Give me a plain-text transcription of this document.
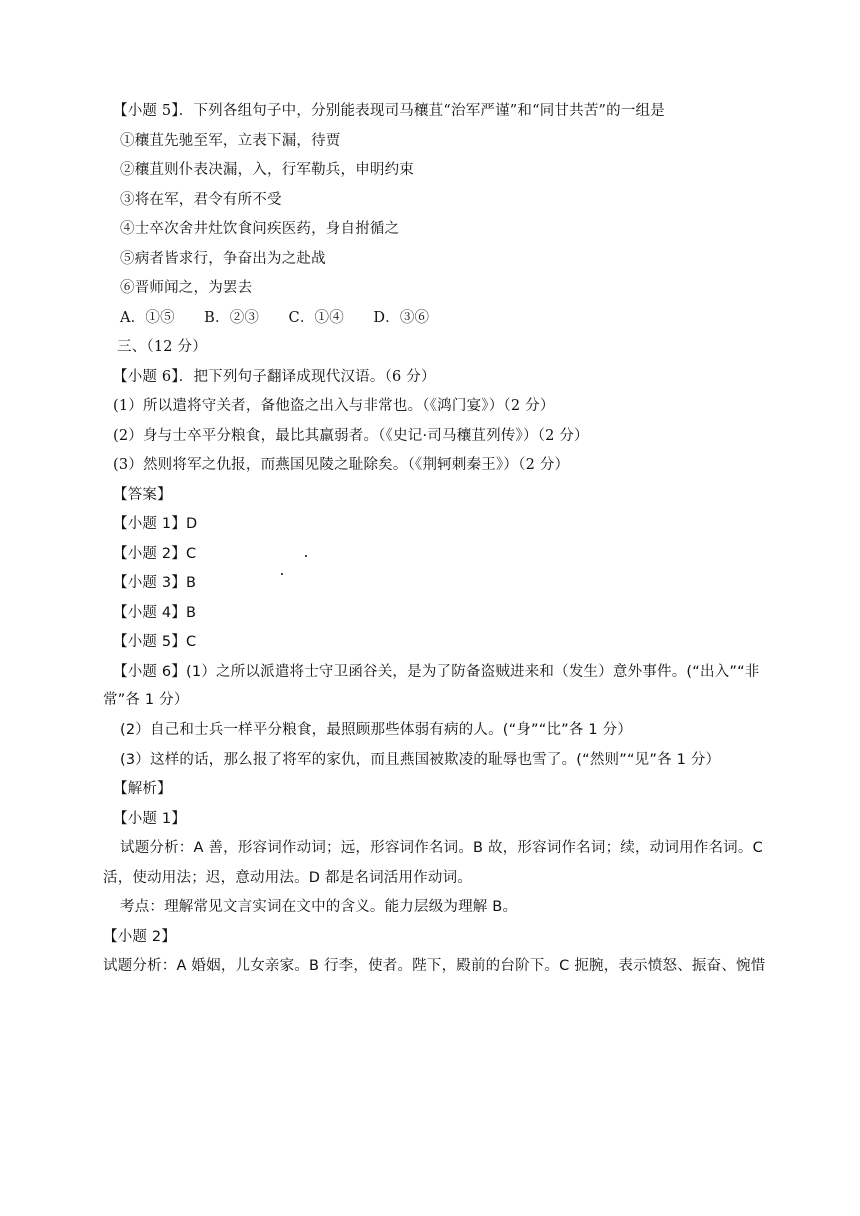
【小题 5】．下列各组句子中，分别能表现司马穰苴“治军严谨”和“同甘共苦”的一组是
①穰苴先驰至军，立表下漏，待贾
②穰苴则仆表决漏，入，行军勒兵，申明约束
③将在军，君令有所不受
④士卒次舍井灶饮食问疾医药，身自拊循之
⑤病者皆求行，争奋出为之赴战
⑥晋师闻之，为罢去
A．①⑤　　B．②③　　C．①④　　D．③⑥
三、（12 分）
【小题 6】．把下列句子翻译成现代汉语。（6 分）
(1）所以遣将守关者，备他盗之出入与非常也。（《鸿门宴》）（2 分）
(2）身与士卒平分粮食，最比其羸弱者。（《史记·司马穰苴列传》）（2 分）
(3）然则将军之仇报，而燕国见陵之耻除矣。（《荆轲刺秦王》）（2 分）
【答案】
【小题 1】D
【小题 2】C
【小题 3】B
【小题 4】B
【小题 5】C
【小题 6】(1）之所以派遣将士守卫函谷关，是为了防备盗贼进来和（发生）意外事件。(“出入”“非
常”各 1 分）
(2）自己和士兵一样平分粮食，最照顾那些体弱有病的人。(“身”“比”各 1 分）
(3）这样的话，那么报了将军的家仇，而且燕国被欺凌的耻辱也雪了。(“然则”“见”各 1 分）
【解析】
【小题 1】
试题分析：A 善，形容词作动词；远，形容词作名词。B 故，形容词作名词；续，动词用作名词。C
活，使动用法；迟，意动用法。D 都是名词活用作动词。
考点：理解常见文言实词在文中的含义。能力层级为理解 B。
【小题 2】
试题分析：A 婚姻，儿女亲家。B 行李，使者。陛下，殿前的台阶下。C 扼腕，表示愤怒、振奋、惋惜
